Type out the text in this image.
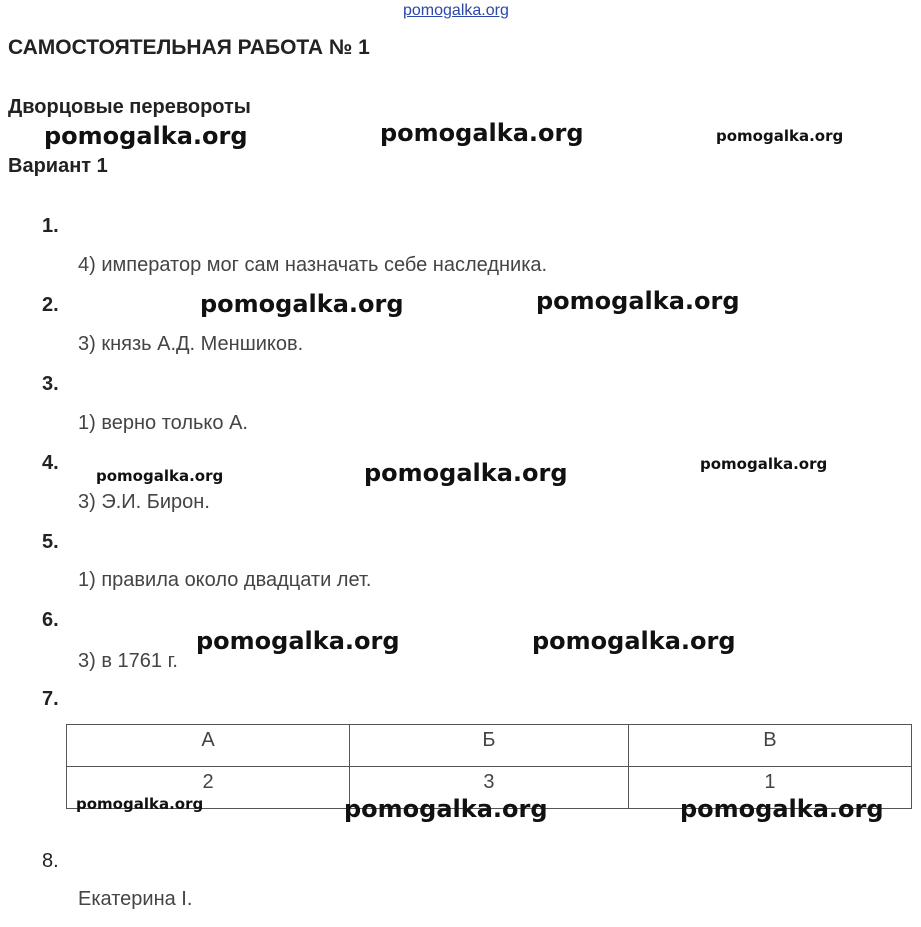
pomogalka.org
САМОСТОЯТЕЛЬНАЯ РАБОТА № 1
Дворцовые перевороты
Вариант 1
1.
4) император мог сам назначать себе наследника.
2.
3) князь А.Д. Меншиков.
3.
1) верно только А.
4.
3) Э.И. Бирон.
5.
1) правила около двадцати лет.
6.
3) в 1761 г.
7.
А	Б	В
2	3	1
8.
Екатерина I.
pomogalka.org	pomogalka.org	pomogalka.org
pomogalka.org	pomogalka.org
pomogalka.org	pomogalka.org	pomogalka.org
pomogalka.org	pomogalka.org
pomogalka.org	pomogalka.org	pomogalka.org
